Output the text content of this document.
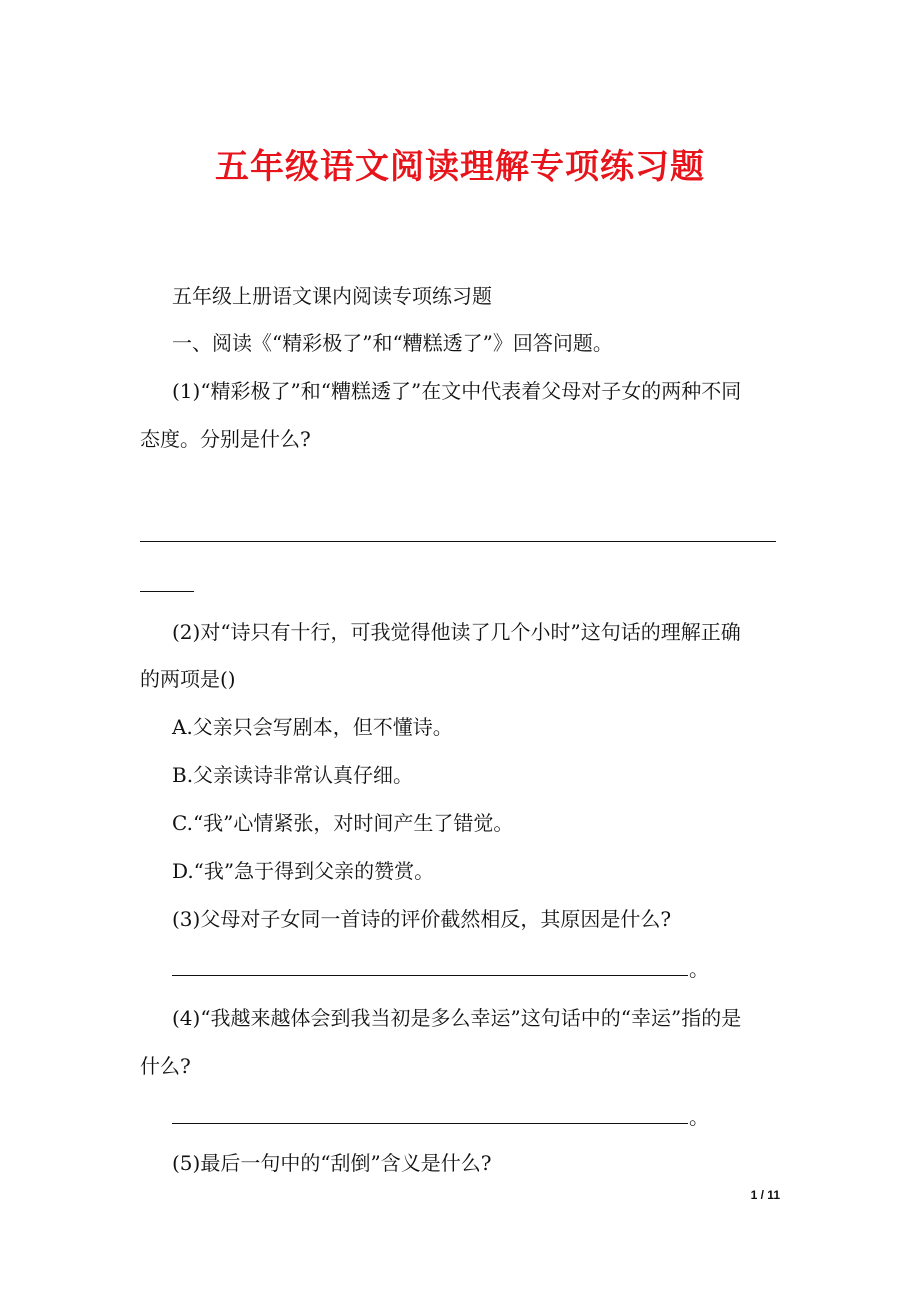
五年级语文阅读理解专项练习题
五年级上册语文课内阅读专项练习题
一、阅读《“精彩极了”和“糟糕透了”》回答问题。
(1)“精彩极了”和“糟糕透了”在文中代表着父母对子女的两种不同
态度。分别是什么?
(2)对“诗只有十行，可我觉得他读了几个小时”这句话的理解正确
的两项是()
A.父亲只会写剧本，但不懂诗。
B.父亲读诗非常认真仔细。
C.“我”心情紧张，对时间产生了错觉。
D.“我”急于得到父亲的赞赏。
(3)父母对子女同一首诗的评价截然相反，其原因是什么?
。
(4)“我越来越体会到我当初是多么幸运”这句话中的“幸运”指的是
什么?
。
(5)最后一句中的“刮倒”含义是什么?
1 / 11
